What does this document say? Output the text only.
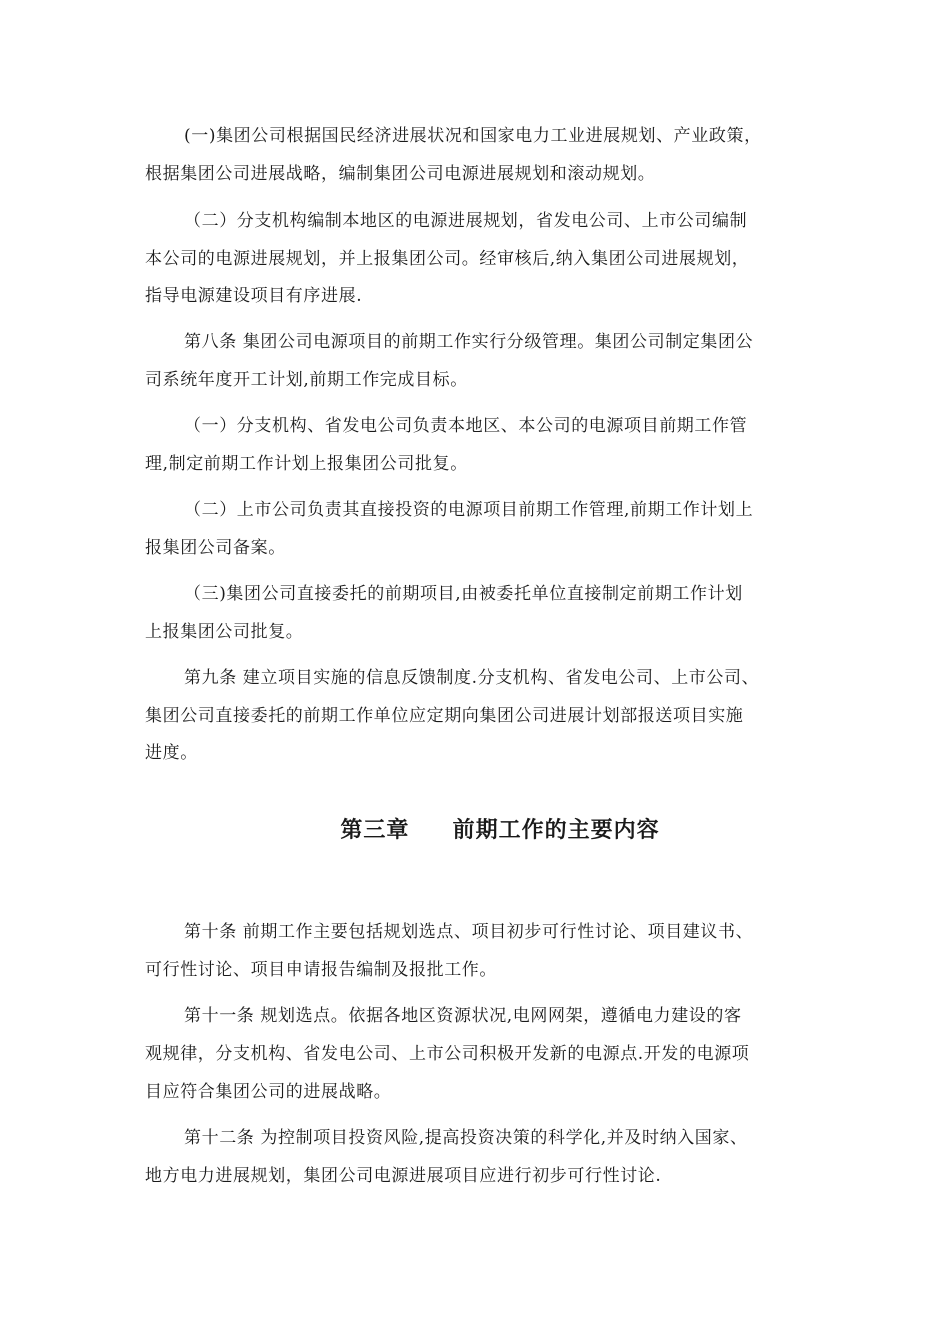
(一)集团公司根据国民经济进展状况和国家电力工业进展规划、产业政策，
根据集团公司进展战略，编制集团公司电源进展规划和滚动规划。
（二）分支机构编制本地区的电源进展规划，省发电公司、上市公司编制
本公司的电源进展规划，并上报集团公司。经审核后,纳入集团公司进展规划，
指导电源建设项目有序进展.
第八条 集团公司电源项目的前期工作实行分级管理。集团公司制定集团公
司系统年度开工计划,前期工作完成目标。
（一）分支机构、省发电公司负责本地区、本公司的电源项目前期工作管
理,制定前期工作计划上报集团公司批复。
（二）上市公司负责其直接投资的电源项目前期工作管理,前期工作计划上
报集团公司备案。
（三)集团公司直接委托的前期项目,由被委托单位直接制定前期工作计划
上报集团公司批复。
第九条 建立项目实施的信息反馈制度.分支机构、省发电公司、上市公司、
集团公司直接委托的前期工作单位应定期向集团公司进展计划部报送项目实施
进度。
第三章     前期工作的主要内容
第十条 前期工作主要包括规划选点、项目初步可行性讨论、项目建议书、
可行性讨论、项目申请报告编制及报批工作。
第十一条 规划选点。依据各地区资源状况,电网网架，遵循电力建设的客
观规律，分支机构、省发电公司、上市公司积极开发新的电源点.开发的电源项
目应符合集团公司的进展战略。
第十二条 为控制项目投资风险,提高投资决策的科学化,并及时纳入国家、
地方电力进展规划，集团公司电源进展项目应进行初步可行性讨论.
